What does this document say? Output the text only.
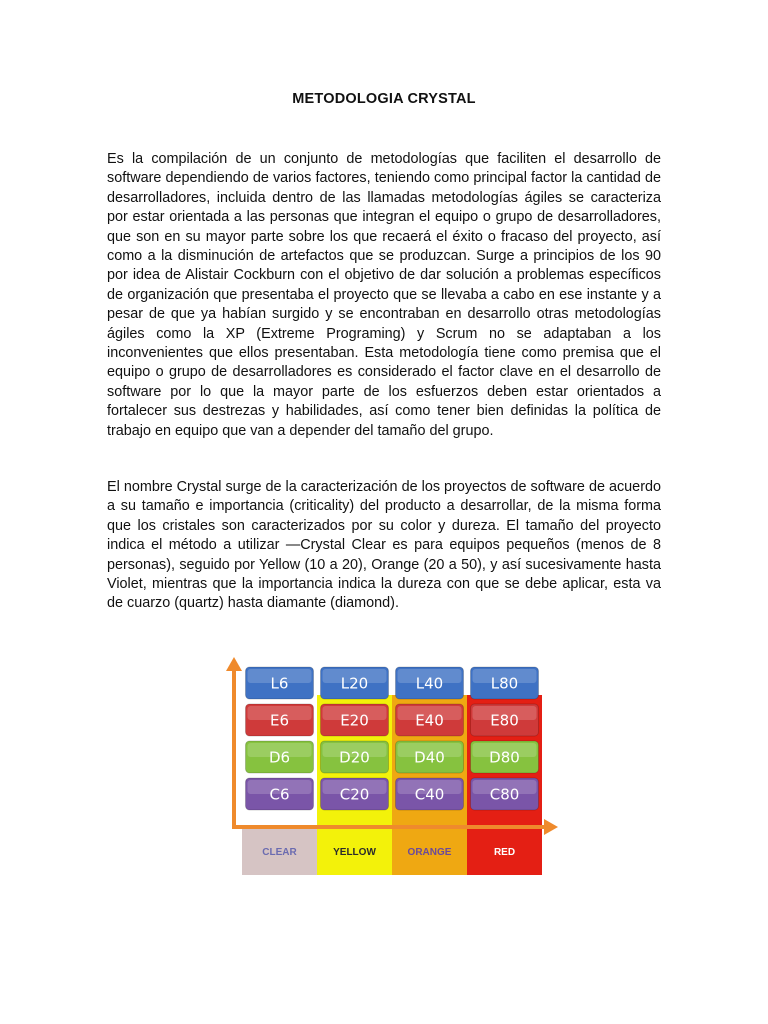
METODOLOGIA CRYSTAL
Es la compilación de un conjunto de metodologías que faciliten el desarrollo de software dependiendo de varios factores, teniendo como principal factor la cantidad de desarrolladores, incluida dentro de las llamadas metodologías ágiles se caracteriza por estar orientada a las personas que integran el equipo o grupo de desarrolladores, que son en su mayor parte sobre los que recaerá el éxito o fracaso del proyecto, así como a la disminución de artefactos que se produzcan. Surge a principios de los 90 por idea de Alistair Cockburn con el objetivo de dar solución a problemas específicos de organización que presentaba el proyecto que se llevaba a cabo en ese instante y a pesar de que ya habían surgido y se encontraban en desarrollo otras metodologías ágiles como la XP (Extreme Programing) y Scrum no se adaptaban a los inconvenientes que ellos presentaban. Esta metodología tiene como premisa que el equipo o grupo de desarrolladores es considerado el factor clave en el desarrollo de software por lo que la mayor parte de los esfuerzos deben estar orientados a fortalecer sus destrezas y habilidades, así como tener bien definidas la política de trabajo en equipo que van a depender del tamaño del grupo.
El nombre Crystal surge de la caracterización de los proyectos de software de acuerdo a su tamaño e importancia (criticality) del producto a desarrollar, de la misma forma que los cristales son caracterizados por su color y dureza. El tamaño del proyecto indica el método a utilizar —Crystal Clear es para equipos pequeños (menos de 8 personas), seguido por Yellow (10 a 20), Orange (20 a 50), y así sucesivamente hasta Violet, mientras que la importancia indica la dureza con que se debe aplicar, esta va de cuarzo (quartz) hasta diamante (diamond).
L6	L20	L40	L80
E6	E20	E40	E80
D6	D20	D40	D80
C6	C20	C40	C80
CLEAR	YELLOW	ORANGE	RED
